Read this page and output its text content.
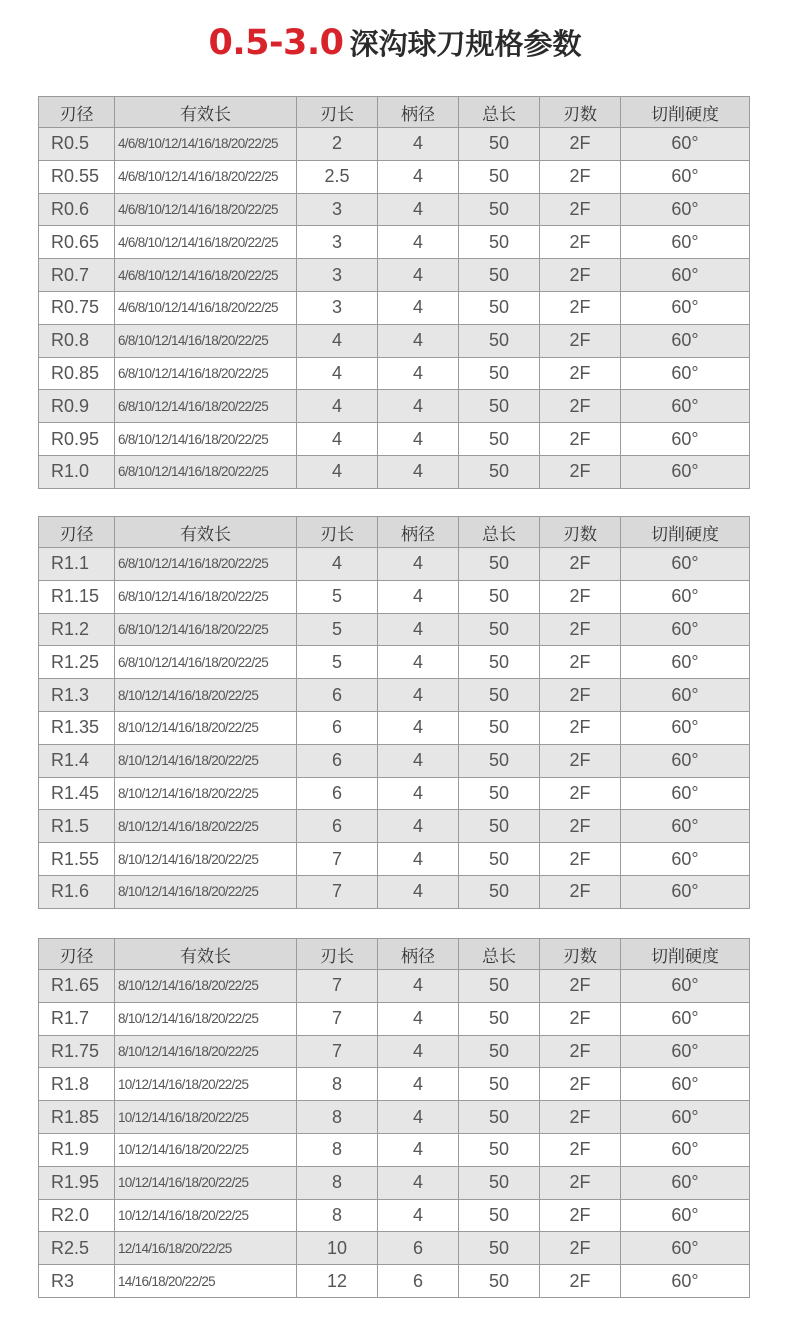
0.5-3.0 深沟球刀规格参数
刃径	有效长	刃长	柄径	总长	刃数	切削硬度
R0.5	4/6/8/10/12/14/16/18/20/22/25	2	4	50	2F	60°
R0.55	4/6/8/10/12/14/16/18/20/22/25	2.5	4	50	2F	60°
R0.6	4/6/8/10/12/14/16/18/20/22/25	3	4	50	2F	60°
R0.65	4/6/8/10/12/14/16/18/20/22/25	3	4	50	2F	60°
R0.7	4/6/8/10/12/14/16/18/20/22/25	3	4	50	2F	60°
R0.75	4/6/8/10/12/14/16/18/20/22/25	3	4	50	2F	60°
R0.8	6/8/10/12/14/16/18/20/22/25	4	4	50	2F	60°
R0.85	6/8/10/12/14/16/18/20/22/25	4	4	50	2F	60°
R0.9	6/8/10/12/14/16/18/20/22/25	4	4	50	2F	60°
R0.95	6/8/10/12/14/16/18/20/22/25	4	4	50	2F	60°
R1.0	6/8/10/12/14/16/18/20/22/25	4	4	50	2F	60°
刃径	有效长	刃长	柄径	总长	刃数	切削硬度
R1.1	6/8/10/12/14/16/18/20/22/25	4	4	50	2F	60°
R1.15	6/8/10/12/14/16/18/20/22/25	5	4	50	2F	60°
R1.2	6/8/10/12/14/16/18/20/22/25	5	4	50	2F	60°
R1.25	6/8/10/12/14/16/18/20/22/25	5	4	50	2F	60°
R1.3	8/10/12/14/16/18/20/22/25	6	4	50	2F	60°
R1.35	8/10/12/14/16/18/20/22/25	6	4	50	2F	60°
R1.4	8/10/12/14/16/18/20/22/25	6	4	50	2F	60°
R1.45	8/10/12/14/16/18/20/22/25	6	4	50	2F	60°
R1.5	8/10/12/14/16/18/20/22/25	6	4	50	2F	60°
R1.55	8/10/12/14/16/18/20/22/25	7	4	50	2F	60°
R1.6	8/10/12/14/16/18/20/22/25	7	4	50	2F	60°
刃径	有效长	刃长	柄径	总长	刃数	切削硬度
R1.65	8/10/12/14/16/18/20/22/25	7	4	50	2F	60°
R1.7	8/10/12/14/16/18/20/22/25	7	4	50	2F	60°
R1.75	8/10/12/14/16/18/20/22/25	7	4	50	2F	60°
R1.8	10/12/14/16/18/20/22/25	8	4	50	2F	60°
R1.85	10/12/14/16/18/20/22/25	8	4	50	2F	60°
R1.9	10/12/14/16/18/20/22/25	8	4	50	2F	60°
R1.95	10/12/14/16/18/20/22/25	8	4	50	2F	60°
R2.0	10/12/14/16/18/20/22/25	8	4	50	2F	60°
R2.5	12/14/16/18/20/22/25	10	6	50	2F	60°
R3	14/16/18/20/22/25	12	6	50	2F	60°
